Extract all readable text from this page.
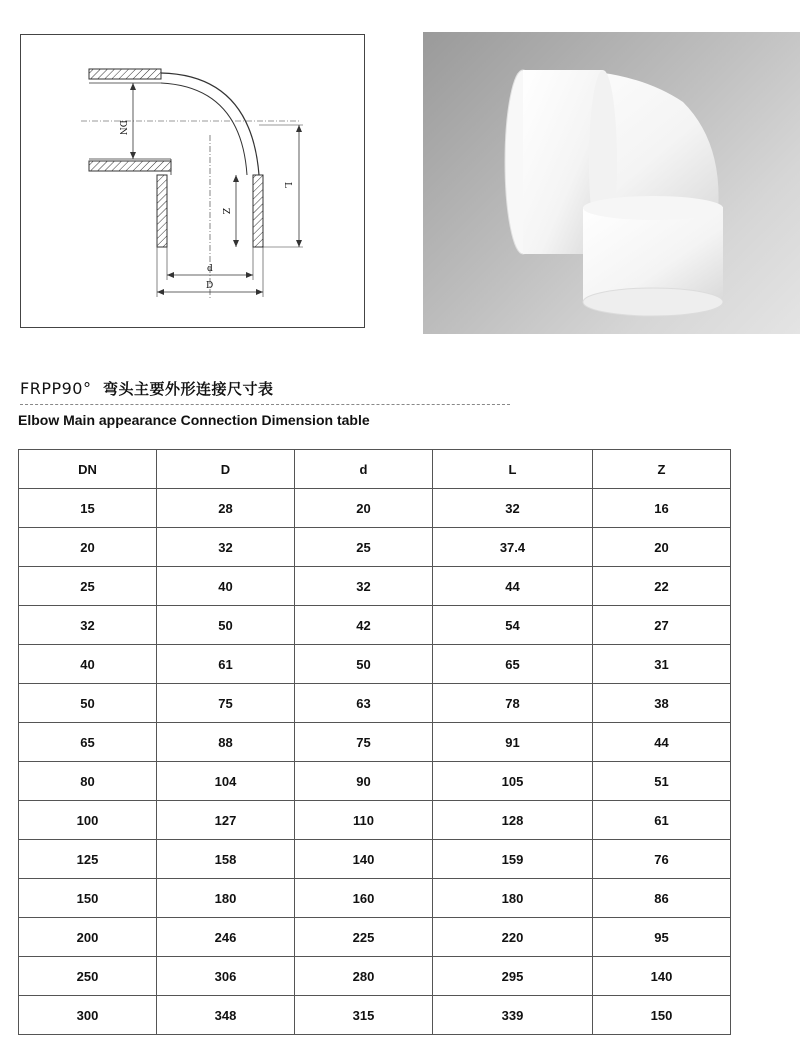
DN
L
Z
d
D
FRPP90° 弯头主要外形连接尺寸表
Elbow Main appearance Connection Dimension table
DN	D	d	L	Z
15	28	20	32	16
20	32	25	37.4	20
25	40	32	44	22
32	50	42	54	27
40	61	50	65	31
50	75	63	78	38
65	88	75	91	44
80	104	90	105	51
100	127	110	128	61
125	158	140	159	76
150	180	160	180	86
200	246	225	220	95
250	306	280	295	140
300	348	315	339	150
